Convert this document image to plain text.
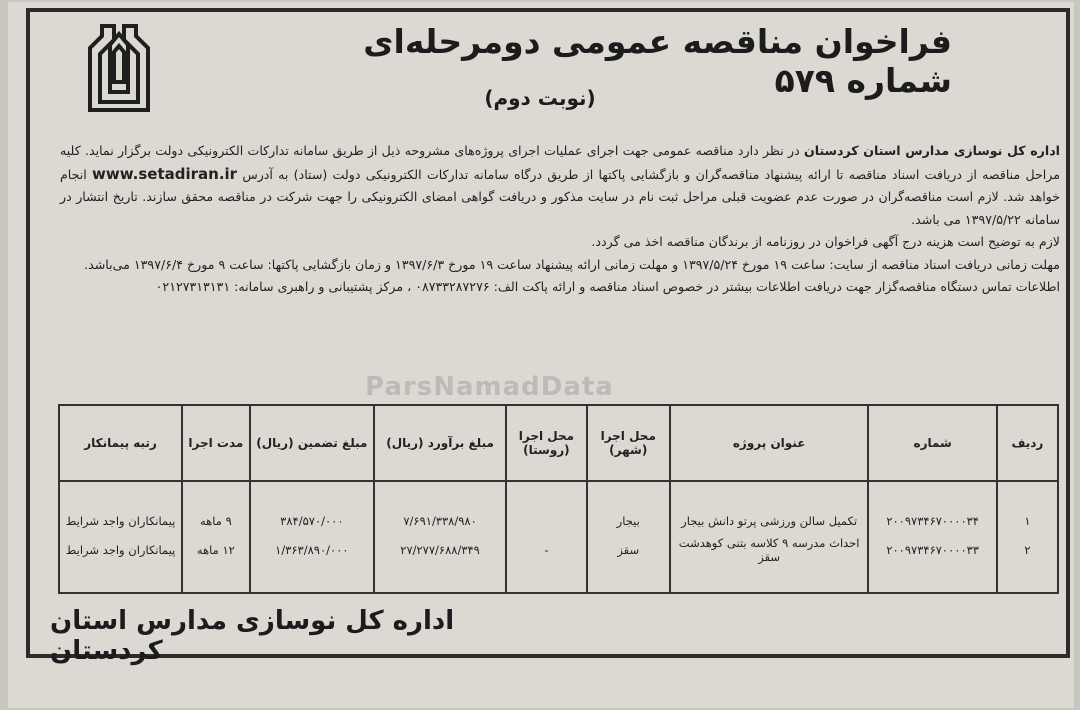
فراخوان مناقصه عمومی دومرحله‌ای شماره ۵۷۹
(نوبت دوم)

اداره کل نوسازی مدارس استان کردستان در نظر دارد مناقصه عمومی جهت اجرای عملیات اجرای پروژه‌های مشروحه ذیل از طریق سامانه تدارکات الکترونیکی دولت برگزار نماید. کلیه مراحل مناقصه از دریافت اسناد مناقصه تا ارائه پیشنهاد مناقصه‌گران و بازگشایی پاکتها از طریق درگاه سامانه تدارکات الکترونیکی دولت (ستاد) به آدرس www.setadiran.ir انجام خواهد شد. لازم است مناقصه‌گران در صورت عدم عضویت قبلی مراحل ثبت نام در سایت مذکور و دریافت گواهی امضای الکترونیکی را جهت شرکت در مناقصه محقق سازند. تاریخ انتشار در سامانه ۱۳۹۷/۵/۲۲ می باشد.

لازم به توضیح است هزینه درج آگهی فراخوان در روزنامه از برندگان مناقصه اخذ می گردد.

مهلت زمانی دریافت اسناد مناقصه از سایت: ساعت ۱۹ مورخ ۱۳۹۷/۵/۲۴ و مهلت زمانی ارائه پیشنهاد ساعت ۱۹ مورخ ۱۳۹۷/۶/۳ و زمان بازگشایی پاکتها: ساعت ۹ مورخ ۱۳۹۷/۶/۴ می‌باشد.

اطلاعات تماس دستگاه مناقصه‌گزار جهت دریافت اطلاعات بیشتر در خصوص اسناد مناقصه و ارائه پاکت الف: ۰۸۷۳۳۲۸۷۲۷۶ ، مرکز پشتیبانی و راهبری سامانه: ۰۲۱۲۷۳۱۳۱۳۱

ParsNamadData
ردیف	شماره	عنوان پروژه	محل اجرا (شهر)	محل اجرا (روستا)	مبلغ برآورد (ریال)	مبلغ تضمین (ریال)	مدت اجرا	رتبه پیمانکار

۱	۲۰۰۹۷۳۴۶۷۰۰۰۰۳۴	تکمیل سالن ورزشی پرتو دانش بیجار	بیجار		۷/۶۹۱/۳۳۸/۹۸۰	۳۸۴/۵۷۰/۰۰۰	۹ ماهه	پیمانکاران واجد شرایط
۲	۲۰۰۹۷۳۴۶۷۰۰۰۰۳۳	احداث مدرسه ۹ کلاسه بتنی کوهدشت سقز	سقز	-	۲۷/۲۷۷/۶۸۸/۳۴۹	۱/۳۶۳/۸۹۰/۰۰۰	۱۲ ماهه	پیمانکاران واجد شرایط

اداره کل نوسازی مدارس استان کردستان
